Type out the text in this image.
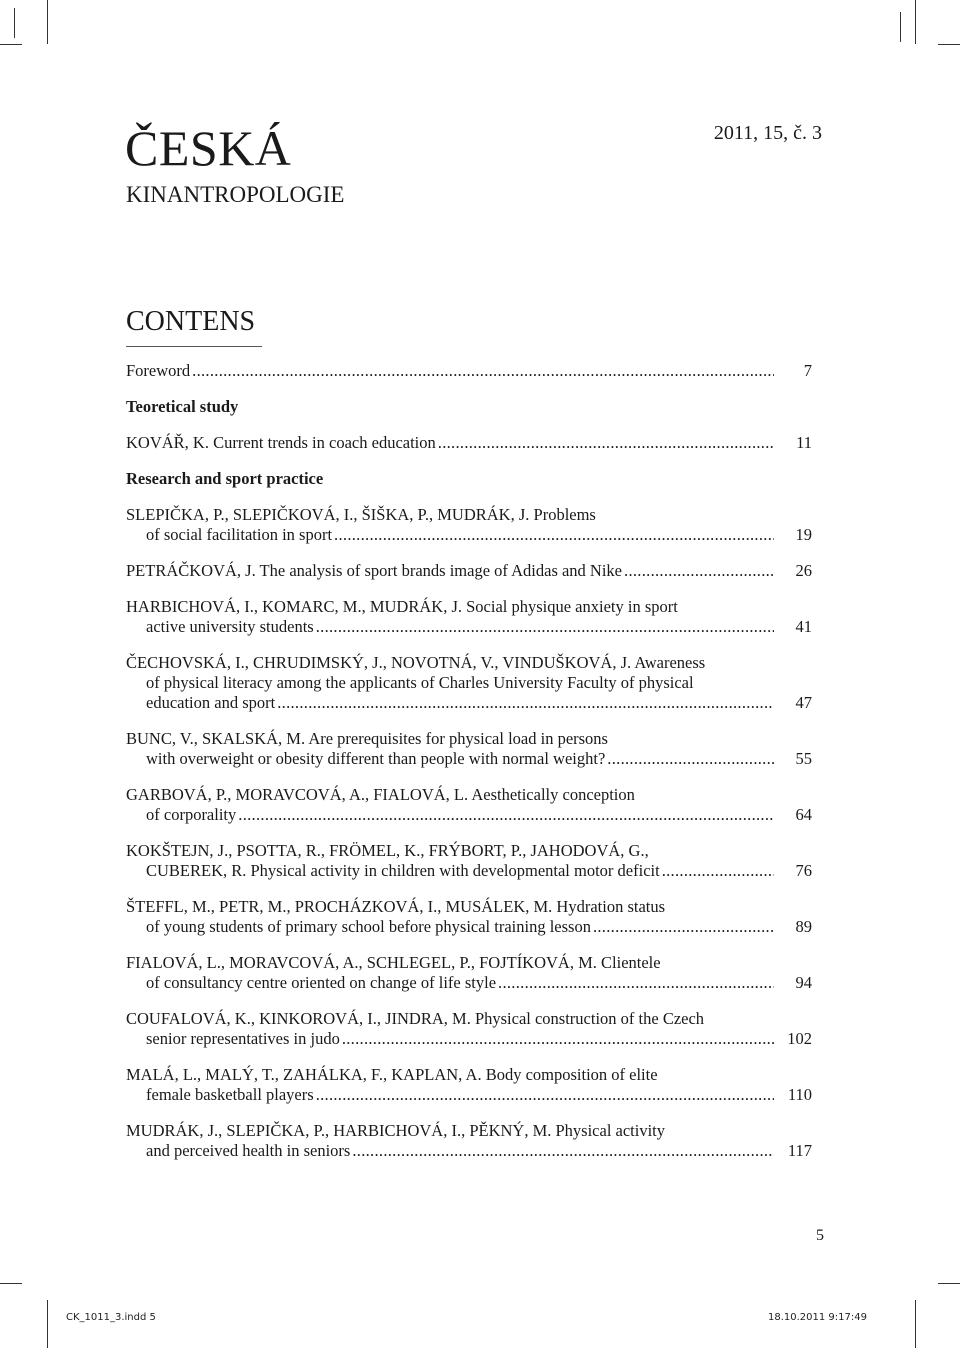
ČESKÁ
KINANTROPOLOGIE
2011, 15, č. 3
CONTENS
Foreword .....	7
Teoretical study
KOVÁŘ, K. Current trends in coach education .....	11
Research and sport practice
SLEPIČKA, P., SLEPIČKOVÁ, I., ŠIŠKA, P., MUDRÁK, J. Problems
of social facilitation in sport .....	19
PETRÁČKOVÁ, J. The analysis of sport brands image of Adidas and Nike .....	26
HARBICHOVÁ, I., KOMARC, M., MUDRÁK, J. Social physique anxiety in sport
active university students .....	41
ČECHOVSKÁ, I., CHRUDIMSKÝ, J., NOVOTNÁ, V., VINDUŠKOVÁ, J. Awareness
of physical literacy among the applicants of Charles University Faculty of physical
education and sport .....	47
BUNC, V., SKALSKÁ, M. Are prerequisites for physical load in persons
with overweight or obesity different than people with normal weight? .....	55
GARBOVÁ, P., MORAVCOVÁ, A., FIALOVÁ, L. Aesthetically conception
of corporality .....	64
KOKŠTEJN, J., PSOTTA, R., FRÖMEL, K., FRÝBORT, P., JAHODOVÁ, G.,
CUBEREK, R. Physical activity in children with developmental motor deficit .....	76
ŠTEFFL, M., PETR, M., PROCHÁZKOVÁ, I., MUSÁLEK, M. Hydration status
of young students of primary school before physical training lesson .....	89
FIALOVÁ, L., MORAVCOVÁ, A., SCHLEGEL, P., FOJTÍKOVÁ, M. Clientele
of consultancy centre oriented on change of life style .....	94
COUFALOVÁ, K., KINKOROVÁ, I., JINDRA, M. Physical construction of the Czech
senior representatives in judo .....	102
MALÁ, L., MALÝ, T., ZAHÁLKA, F., KAPLAN, A. Body composition of elite
female basketball players .....	110
MUDRÁK, J., SLEPIČKA, P., HARBICHOVÁ, I., PĚKNÝ, M. Physical activity
and perceived health in seniors .....	117
5
CK_1011_3.indd 5	18.10.2011 9:17:49
